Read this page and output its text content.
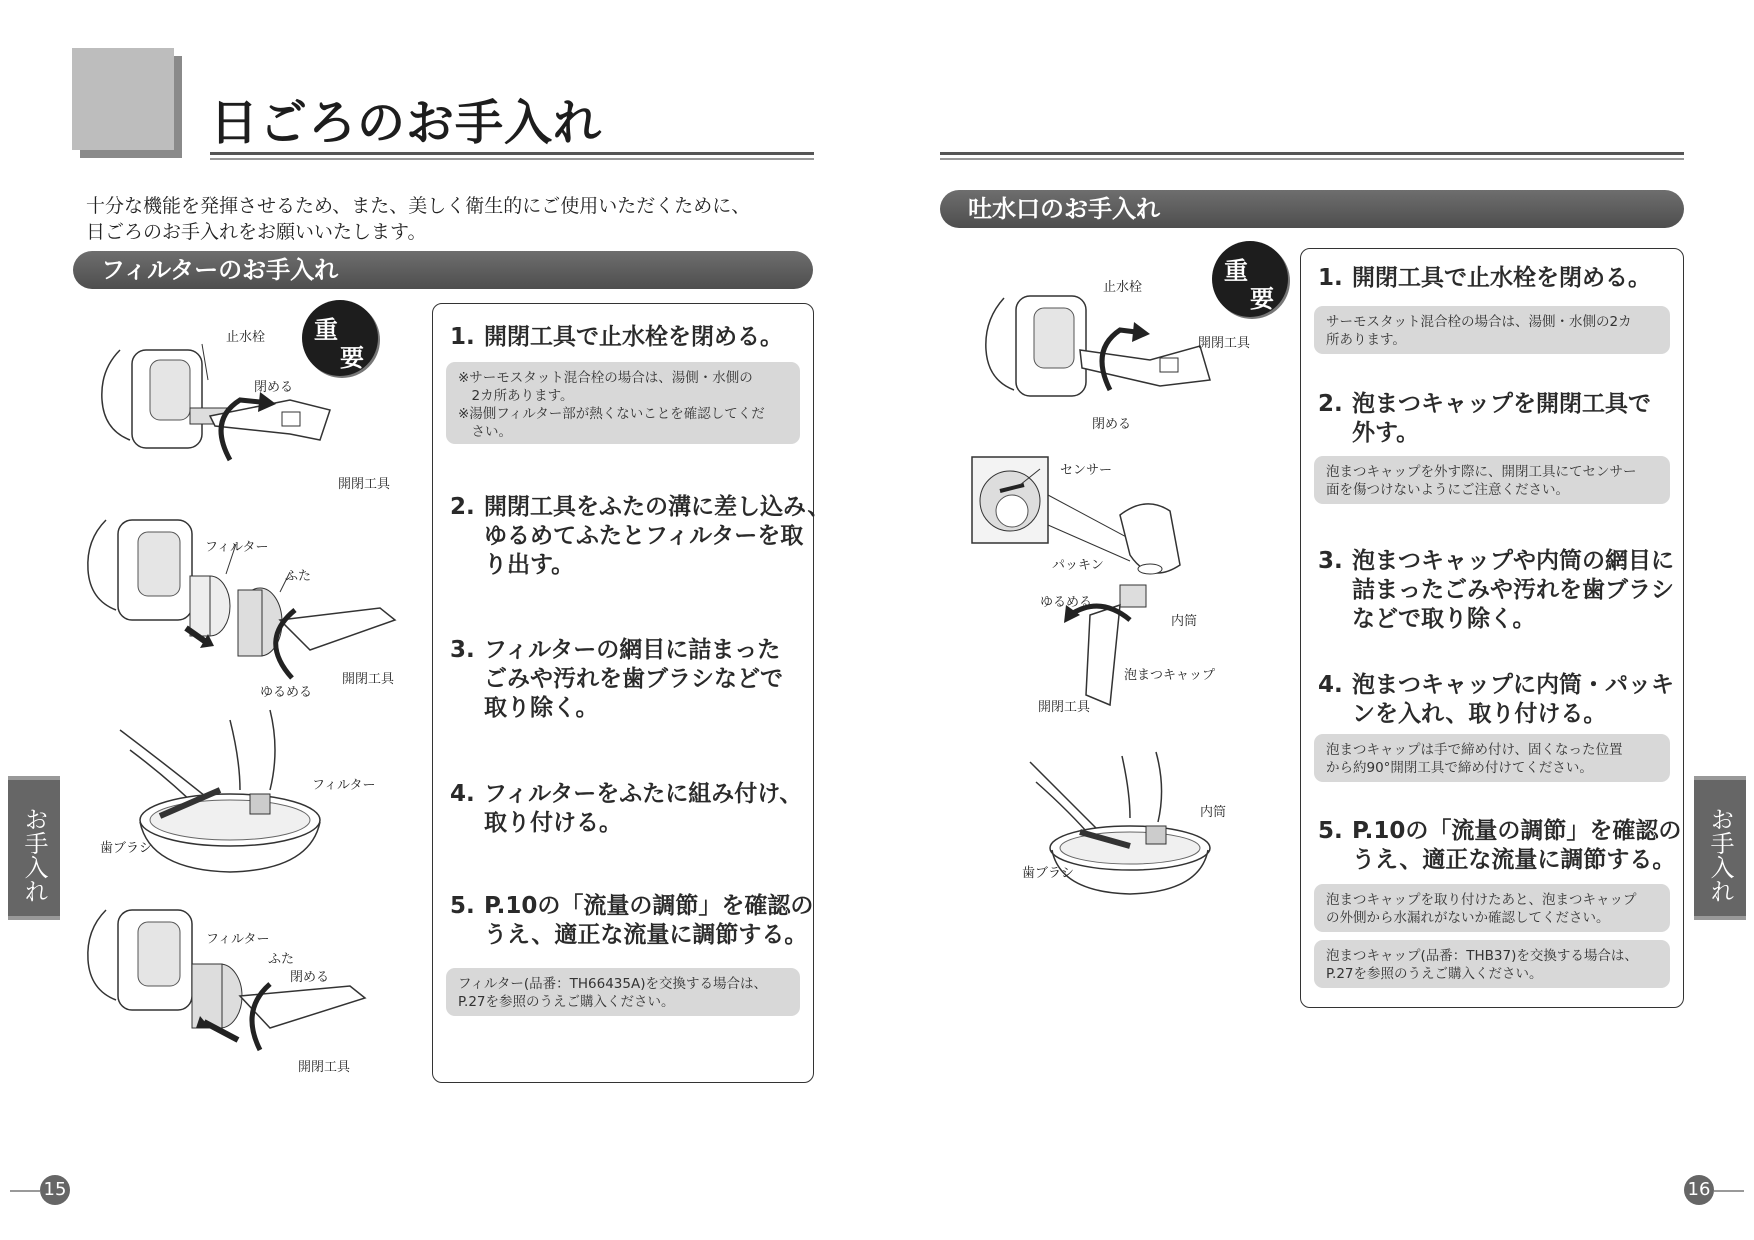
日ごろのお手入れ
十分な機能を発揮させるため、また、美しく衛生的にご使用いただくために、
日ごろのお手入れをお願いいたします。
フィルターのお手入れ
重
要
止水栓
閉める
開閉工具
フィルター
ふた
ゆるめる
開閉工具
フィルター
歯ブラシ
フィルター
ふた
閉める
開閉工具
1. 開閉工具で止水栓を閉める。
※サーモスタット混合栓の場合は、湯側・水側の
　2カ所あります。
※湯側フィルター部が熱くないことを確認してくだ
　さい。
2. 開閉工具をふたの溝に差し込み、
ゆるめてふたとフィルターを取
り出す。
3. フィルターの網目に詰まった
ごみや汚れを歯ブラシなどで
取り除く。
4. フィルターをふたに組み付け、
取り付ける。
5. P.10の「流量の調節」を確認の
うえ、適正な流量に調節する。
フィルター(品番：TH66435A)を交換する場合は、
P.27を参照のうえご購入ください。
吐水口のお手入れ
重
要
止水栓
開閉工具
閉める
センサー
パッキン
ゆるめる
内筒
泡まつキャップ
開閉工具
内筒
歯ブラシ
1. 開閉工具で止水栓を閉める。
サーモスタット混合栓の場合は、湯側・水側の2カ
所あります。
2. 泡まつキャップを開閉工具で
外す。
泡まつキャップを外す際に、開閉工具にてセンサー
面を傷つけないようにご注意ください。
3. 泡まつキャップや内筒の網目に
詰まったごみや汚れを歯ブラシ
などで取り除く。
4. 泡まつキャップに内筒・パッキ
ンを入れ、取り付ける。
泡まつキャップは手で締め付け、固くなった位置
から約90°開閉工具で締め付けてください。
5. P.10の「流量の調節」を確認の
うえ、適正な流量に調節する。
泡まつキャップを取り付けたあと、泡まつキャップ
の外側から水漏れがないか確認してください。
泡まつキャップ(品番：THB37)を交換する場合は、
P.27を参照のうえご購入ください。
お手入れ	お手入れ
15	16
